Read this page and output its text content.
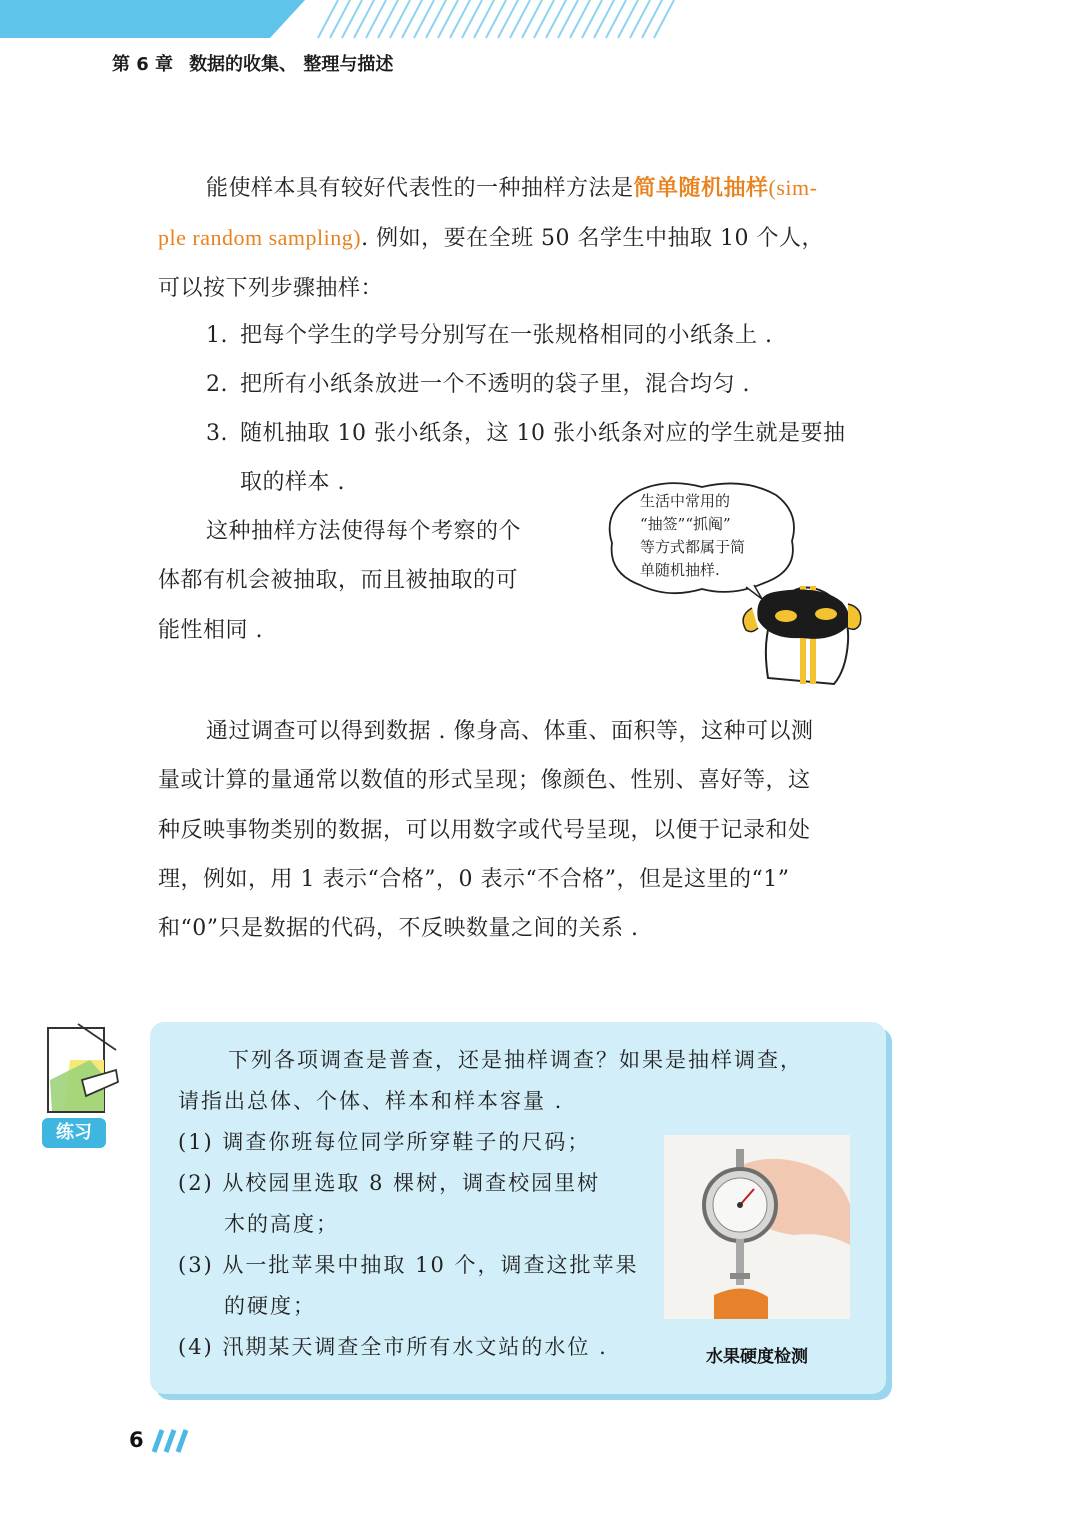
第 6 章 数据的收集、 整理与描述
能使样本具有较好代表性的一种抽样方法是简单随机抽样(sim-
ple random sampling). 例如，要在全班 50 名学生中抽取 10 个人，
可以按下列步骤抽样：
1. 把每个学生的学号分别写在一张规格相同的小纸条上 .
2. 把所有小纸条放进一个不透明的袋子里，混合均匀 .
3. 随机抽取 10 张小纸条，这 10 张小纸条对应的学生就是要抽
取的样本 .
这种抽样方法使得每个考察的个
体都有机会被抽取，而且被抽取的可
能性相同 .
生活中常用的
“抽签”“抓阄”
等方式都属于简
单随机抽样.
通过调查可以得到数据 . 像身高、体重、面积等，这种可以测
量或计算的量通常以数值的形式呈现；像颜色、性别、喜好等，这
种反映事物类别的数据，可以用数字或代号呈现，以便于记录和处
理，例如，用 1 表示“合格”，0 表示“不合格”，但是这里的“1”
和“0”只是数据的代码，不反映数量之间的关系 .
练习
下列各项调查是普查，还是抽样调查？如果是抽样调查，
请指出总体、个体、样本和样本容量 .
(1) 调查你班每位同学所穿鞋子的尺码；
(2) 从校园里选取 8 棵树，调查校园里树
木的高度；
(3) 从一批苹果中抽取 10 个，调查这批苹果
的硬度；
(4) 汛期某天调查全市所有水文站的水位 .	水果硬度检测
6
